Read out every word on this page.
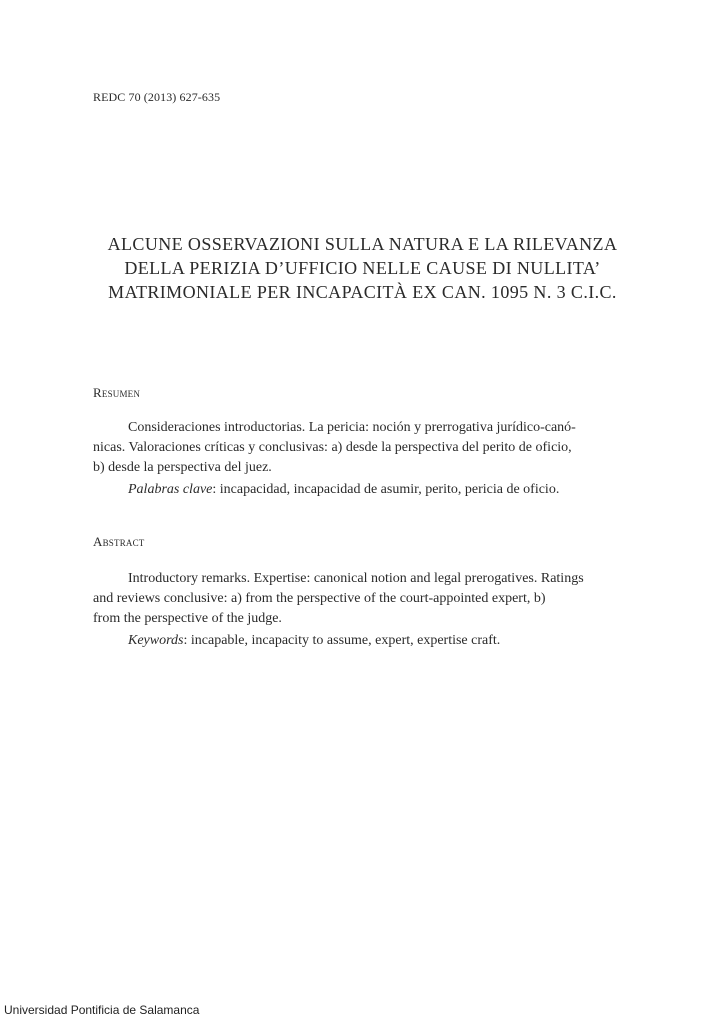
REDC 70 (2013) 627-635
ALCUNE OSSERVAZIONI SULLA NATURA E LA RILEVANZA
DELLA PERIZIA D’UFFICIO NELLE CAUSE DI NULLITA’
MATRIMONIALE PER INCAPACITÀ EX CAN. 1095 N. 3 C.I.C.
Resumen
Consideraciones introductorias. La pericia: noción y prerrogativa jurídico-canó-
nicas. Valoraciones críticas y conclusivas: a) desde la perspectiva del perito de oficio,
b) desde la perspectiva del juez.
Palabras clave: incapacidad, incapacidad de asumir, perito, pericia de oficio.
Abstract
Introductory remarks. Expertise: canonical notion and legal prerogatives. Ratings
and reviews conclusive: a) from the perspective of the court-appointed expert, b)
from the perspective of the judge.
Keywords: incapable, incapacity to assume, expert, expertise craft.
Universidad Pontificia de Salamanca
